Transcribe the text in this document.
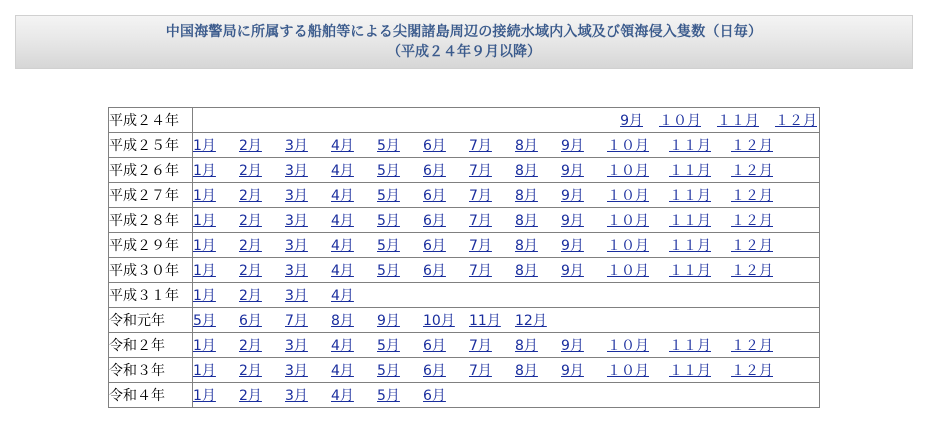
中国海警局に所属する船舶等による尖閣諸島周辺の接続水域内入域及び領海侵入隻数（日毎）
（平成２４年９月以降）
平成２４年	9月 １０月 １１月 １２月
平成２５年	1月 2月 3月 4月 5月 6月 7月 8月 9月 １０月 １１月 １２月
平成２６年	1月 2月 3月 4月 5月 6月 7月 8月 9月 １０月 １１月 １２月
平成２７年	1月 2月 3月 4月 5月 6月 7月 8月 9月 １０月 １１月 １２月
平成２８年	1月 2月 3月 4月 5月 6月 7月 8月 9月 １０月 １１月 １２月
平成２９年	1月 2月 3月 4月 5月 6月 7月 8月 9月 １０月 １１月 １２月
平成３０年	1月 2月 3月 4月 5月 6月 7月 8月 9月 １０月 １１月 １２月
平成３１年	1月 2月 3月 4月
令和元年	5月 6月 7月 8月 9月 10月 11月 12月
令和２年	1月 2月 3月 4月 5月 6月 7月 8月 9月 １０月 １１月 １２月
令和３年	1月 2月 3月 4月 5月 6月 7月 8月 9月 １０月 １１月 １２月
令和４年	1月 2月 3月 4月 5月 6月
